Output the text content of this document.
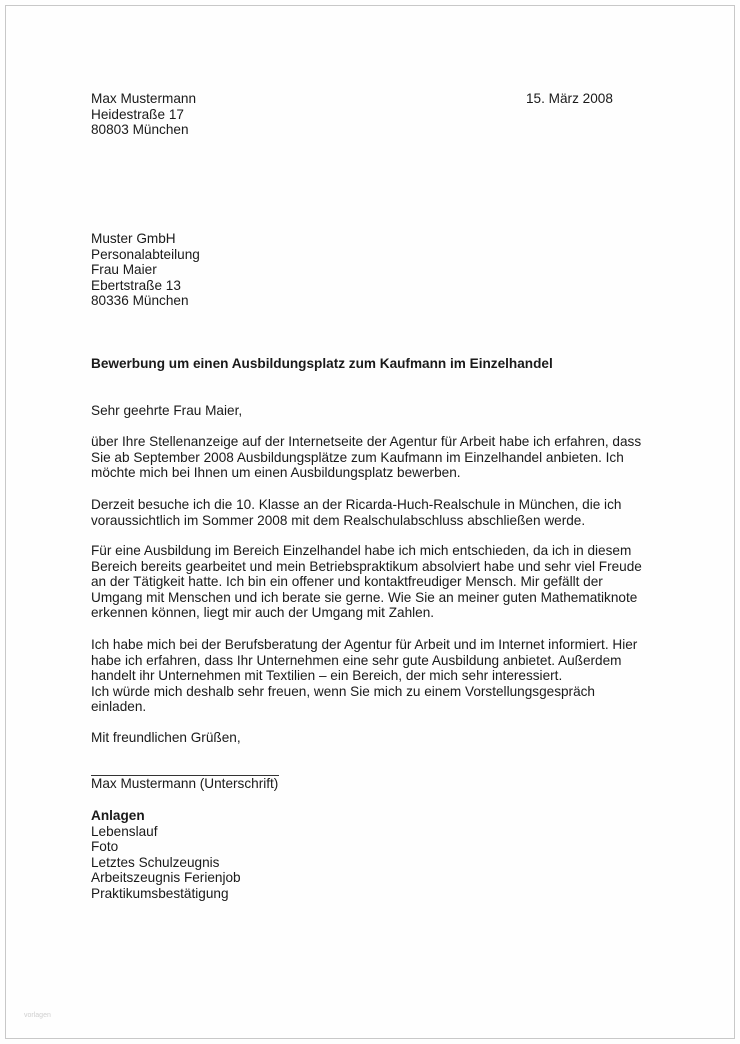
Max Mustermann
Heidestraße 17
80803 München
15. März 2008
Muster GmbH
Personalabteilung
Frau Maier
Ebertstraße 13
80336 München
Bewerbung um einen Ausbildungsplatz zum Kaufmann im Einzelhandel
Sehr geehrte Frau Maier,
über Ihre Stellenanzeige auf der Internetseite der Agentur für Arbeit habe ich erfahren, dass
Sie ab September 2008 Ausbildungsplätze zum Kaufmann im Einzelhandel anbieten. Ich
möchte mich bei Ihnen um einen Ausbildungsplatz bewerben.
Derzeit besuche ich die 10. Klasse an der Ricarda-Huch-Realschule in München, die ich
voraussichtlich im Sommer 2008 mit dem Realschulabschluss abschließen werde.
Für eine Ausbildung im Bereich Einzelhandel habe ich mich entschieden, da ich in diesem
Bereich bereits gearbeitet und mein Betriebspraktikum absolviert habe und sehr viel Freude
an der Tätigkeit hatte. Ich bin ein offener und kontaktfreudiger Mensch. Mir gefällt der
Umgang mit Menschen und ich berate sie gerne. Wie Sie an meiner guten Mathematiknote
erkennen können, liegt mir auch der Umgang mit Zahlen.
Ich habe mich bei der Berufsberatung der Agentur für Arbeit und im Internet informiert. Hier
habe ich erfahren, dass Ihr Unternehmen eine sehr gute Ausbildung anbietet. Außerdem
handelt ihr Unternehmen mit Textilien – ein Bereich, der mich sehr interessiert.
Ich würde mich deshalb sehr freuen, wenn Sie mich zu einem Vorstellungsgespräch
einladen.
Mit freundlichen Grüßen,
Max Mustermann (Unterschrift)
Anlagen
Lebenslauf
Foto
Letztes Schulzeugnis
Arbeitszeugnis Ferienjob
Praktikumsbestätigung
vorlagen
